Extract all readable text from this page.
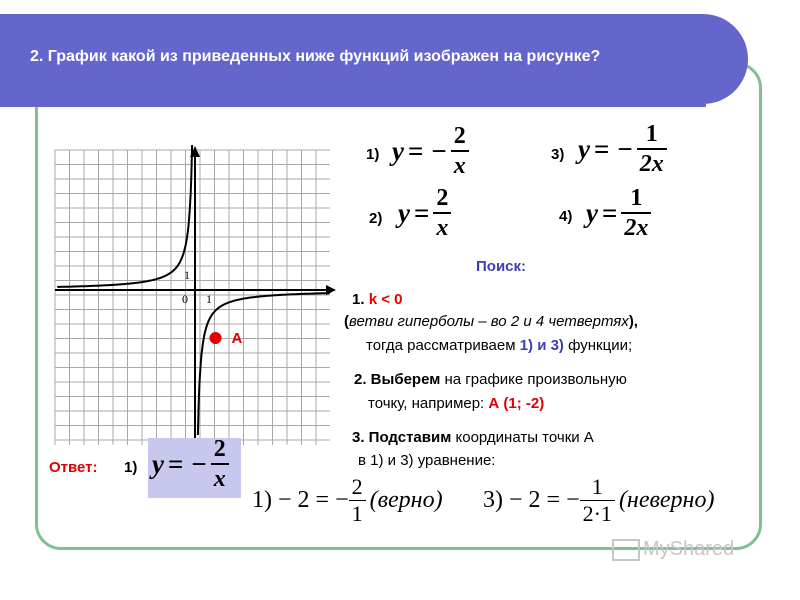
2. График какой из приведенных ниже функций изображен на рисунке?
1
0 1
A
1) y = − $\frac{2}{x}$
2) $y = \frac{2}{x}$
3) y = − $\frac{1}{2x}$
4) $y = \frac{1}{2x}$
Поиск:
1. k < 0
(ветви гиперболы – во 2 и 4 четвертях),
тогда рассматриваем 1) и 3) функции;
2. Выберем на графике произвольную
точку, например: А (1; -2)
3. Подставим координаты точки А
в 1) и 3) уравнение:
1) − 2 = − $\frac{2}{1}$ (верно) 3) − 2 = − $\frac{1}{2\cdot 1}$ (неверно)
Ответ: 1) y = − $\frac{2}{x}$
MyShared
